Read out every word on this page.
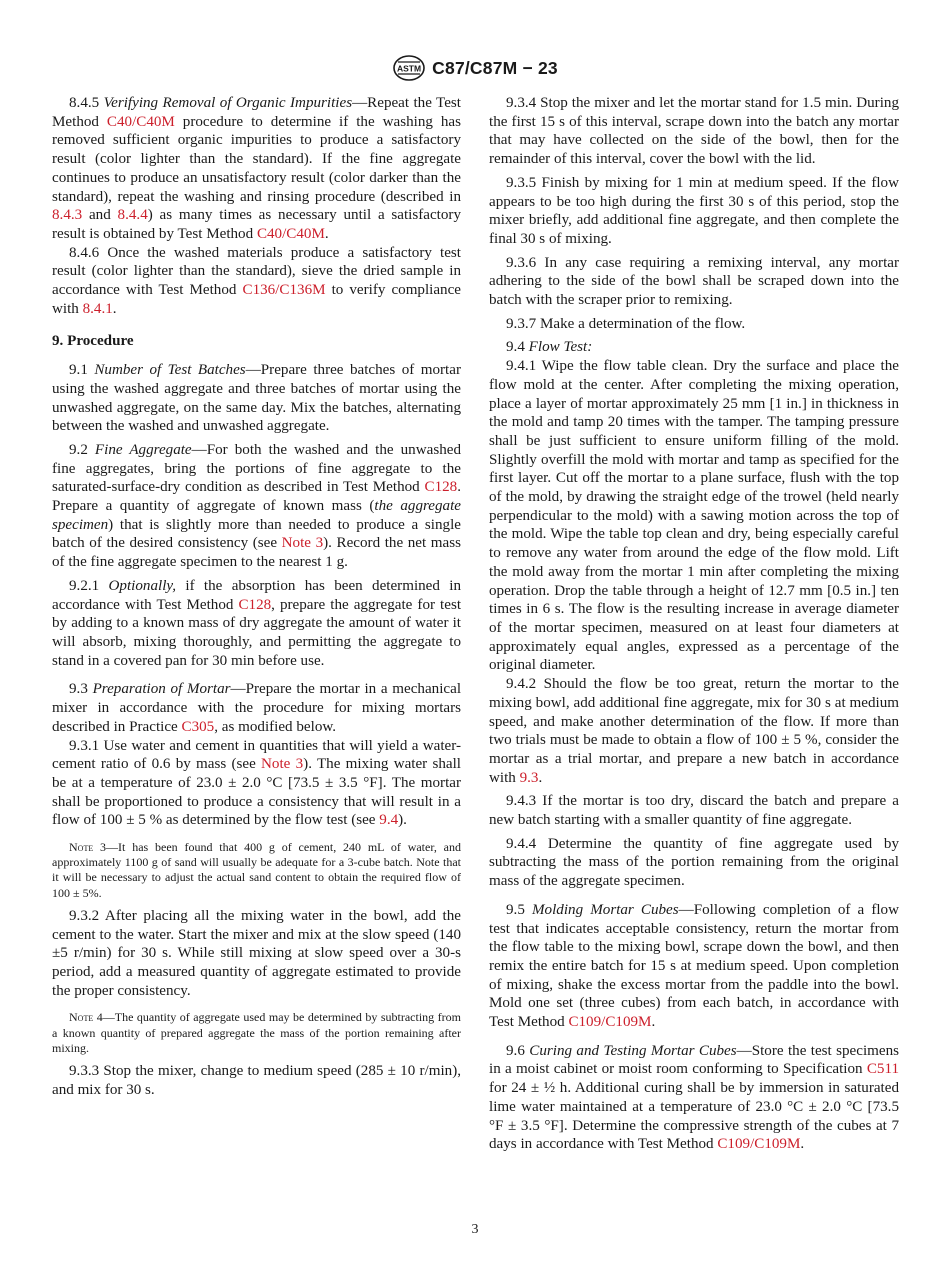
ASTM C87/C87M − 23

8.4.5 Verifying Removal of Organic Impurities—Repeat the Test Method C40/C40M procedure to determine if the washing has removed sufficient organic impurities to produce a satisfactory result (color lighter than the standard). If the fine aggregate continues to produce an unsatisfactory result (color darker than the standard), repeat the washing and rinsing procedure (described in 8.4.3 and 8.4.4) as many times as necessary until a satisfactory result is obtained by Test Method C40/C40M.

8.4.6 Once the washed materials produce a satisfactory test result (color lighter than the standard), sieve the dried sample in accordance with Test Method C136/C136M to verify compliance with 8.4.1.

9. Procedure

9.1 Number of Test Batches—Prepare three batches of mortar using the washed aggregate and three batches of mortar using the unwashed aggregate, on the same day. Mix the batches, alternating between the washed and unwashed aggregate.

9.2 Fine Aggregate—For both the washed and the unwashed fine aggregates, bring the portions of fine aggregate to the saturated-surface-dry condition as described in Test Method C128. Prepare a quantity of aggregate of known mass (the aggregate specimen) that is slightly more than needed to produce a single batch of the desired consistency (see Note 3). Record the net mass of the fine aggregate specimen to the nearest 1 g.

9.2.1 Optionally, if the absorption has been determined in accordance with Test Method C128, prepare the aggregate for test by adding to a known mass of dry aggregate the amount of water it will absorb, mixing thoroughly, and permitting the aggregate to stand in a covered pan for 30 min before use.

9.3 Preparation of Mortar—Prepare the mortar in a mechanical mixer in accordance with the procedure for mixing mortars described in Practice C305, as modified below.

9.3.1 Use water and cement in quantities that will yield a water-cement ratio of 0.6 by mass (see Note 3). The mixing water shall be at a temperature of 23.0 ± 2.0 °C [73.5 ± 3.5 °F]. The mortar shall be proportioned to produce a consistency that will result in a flow of 100 ± 5 % as determined by the flow test (see 9.4).

Note 3—It has been found that 400 g of cement, 240 mL of water, and approximately 1100 g of sand will usually be adequate for a 3-cube batch. Note that it will be necessary to adjust the actual sand content to obtain the required flow of 100 ± 5%.

9.3.2 After placing all the mixing water in the bowl, add the cement to the water. Start the mixer and mix at the slow speed (140 ±5 r/min) for 30 s. While still mixing at slow speed over a 30-s period, add a measured quantity of aggregate estimated to provide the proper consistency.

Note 4—The quantity of aggregate used may be determined by subtracting from a known quantity of prepared aggregate the mass of the portion remaining after mixing.

9.3.3 Stop the mixer, change to medium speed (285 ± 10 r/min), and mix for 30 s.

9.3.4 Stop the mixer and let the mortar stand for 1.5 min. During the first 15 s of this interval, scrape down into the batch any mortar that may have collected on the side of the bowl, then for the remainder of this interval, cover the bowl with the lid.

9.3.5 Finish by mixing for 1 min at medium speed. If the flow appears to be too high during the first 30 s of this period, stop the mixer briefly, add additional fine aggregate, and then complete the final 30 s of mixing.

9.3.6 In any case requiring a remixing interval, any mortar adhering to the side of the bowl shall be scraped down into the batch with the scraper prior to remixing.

9.3.7 Make a determination of the flow.

9.4 Flow Test:

9.4.1 Wipe the flow table clean. Dry the surface and place the flow mold at the center. After completing the mixing operation, place a layer of mortar approximately 25 mm [1 in.] in thickness in the mold and tamp 20 times with the tamper. The tamping pressure shall be just sufficient to ensure uniform filling of the mold. Slightly overfill the mold with mortar and tamp as specified for the first layer. Cut off the mortar to a plane surface, flush with the top of the mold, by drawing the straight edge of the trowel (held nearly perpendicular to the mold) with a sawing motion across the top of the mold. Wipe the table top clean and dry, being especially careful to remove any water from around the edge of the flow mold. Lift the mold away from the mortar 1 min after completing the mixing operation. Drop the table through a height of 12.7 mm [0.5 in.] ten times in 6 s. The flow is the resulting increase in average diameter of the mortar specimen, measured on at least four diameters at approximately equal angles, expressed as a percentage of the original diameter.

9.4.2 Should the flow be too great, return the mortar to the mixing bowl, add additional fine aggregate, mix for 30 s at medium speed, and make another determination of the flow. If more than two trials must be made to obtain a flow of 100 ± 5 %, consider the mortar as a trial mortar, and prepare a new batch in accordance with 9.3.

9.4.3 If the mortar is too dry, discard the batch and prepare a new batch starting with a smaller quantity of fine aggregate.

9.4.4 Determine the quantity of fine aggregate used by subtracting the mass of the portion remaining from the original mass of the aggregate specimen.

9.5 Molding Mortar Cubes—Following completion of a flow test that indicates acceptable consistency, return the mortar from the flow table to the mixing bowl, scrape down the bowl, and then remix the entire batch for 15 s at medium speed. Upon completion of mixing, shake the excess mortar from the paddle into the bowl. Mold one set (three cubes) from each batch, in accordance with Test Method C109/C109M.

9.6 Curing and Testing Mortar Cubes—Store the test specimens in a moist cabinet or moist room conforming to Specification C511 for 24 ± ½ h. Additional curing shall be by immersion in saturated lime water maintained at a temperature of 23.0 °C ± 2.0 °C [73.5 °F ± 3.5 °F]. Determine the compressive strength of the cubes at 7 days in accordance with Test Method C109/C109M.

3
